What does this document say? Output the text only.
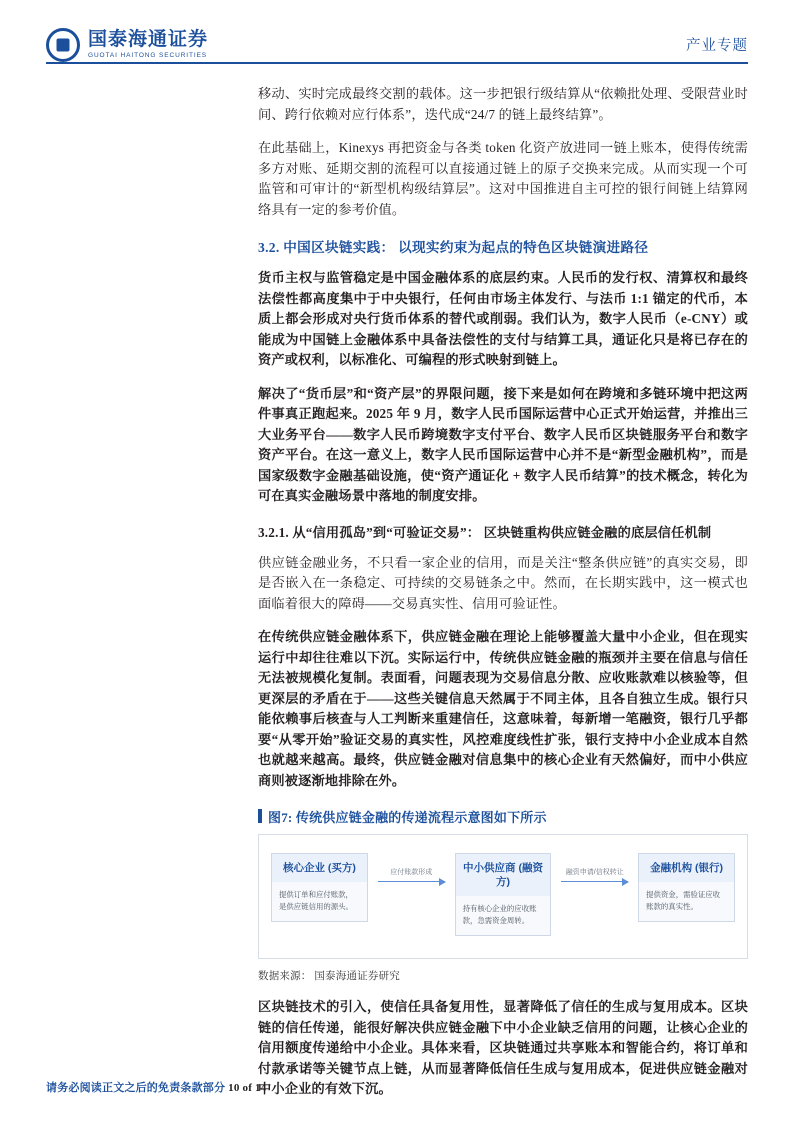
国泰海通证券
GUOTAI HAITONG SECURITIES
产业专题

移动、实时完成最终交割的载体。这一步把银行级结算从“依赖批处理、受限营业时间、跨行依赖对应行体系”，迭代成“24/7 的链上最终结算”。

在此基础上，Kinexys 再把资金与各类 token 化资产放进同一链上账本，使得传统需多方对账、延期交割的流程可以直接通过链上的原子交换来完成。从而实现一个可监管和可审计的“新型机构级结算层”。这对中国推进自主可控的银行间链上结算网络具有一定的参考价值。

3.2. 中国区块链实践： 以现实约束为起点的特色区块链演进路径

货币主权与监管稳定是中国金融体系的底层约束。人民币的发行权、清算权和最终法偿性都高度集中于中央银行，任何由市场主体发行、与法币 1:1 锚定的代币，本质上都会形成对央行货币体系的替代或削弱。我们认为，数字人民币（e-CNY）或能成为中国链上金融体系中具备法偿性的支付与结算工具，通证化只是将已存在的资产或权利，以标准化、可编程的形式映射到链上。

解决了“货币层”和“资产层”的界限问题，接下来是如何在跨境和多链环境中把这两件事真正跑起来。2025 年 9 月，数字人民币国际运营中心正式开始运营，并推出三大业务平台——数字人民币跨境数字支付平台、数字人民币区块链服务平台和数字资产平台。在这一意义上，数字人民币国际运营中心并不是“新型金融机构”，而是国家级数字金融基础设施，使“资产通证化 + 数字人民币结算”的技术概念，转化为可在真实金融场景中落地的制度安排。

3.2.1. 从“信用孤岛”到“可验证交易”： 区块链重构供应链金融的底层信任机制

供应链金融业务，不只看一家企业的信用，而是关注“整条供应链”的真实交易，即是否嵌入在一条稳定、可持续的交易链条之中。然而，在长期实践中，这一模式也面临着很大的障碍——交易真实性、信用可验证性。

在传统供应链金融体系下，供应链金融在理论上能够覆盖大量中小企业，但在现实运行中却往往难以下沉。实际运行中，传统供应链金融的瓶颈并主要在信息与信任无法被规模化复制。表面看，问题表现为交易信息分散、应收账款难以核验等，但更深层的矛盾在于——这些关键信息天然属于不同主体，且各自独立生成。银行只能依赖事后核查与人工判断来重建信任，这意味着，每新增一笔融资，银行几乎都要“从零开始”验证交易的真实性，风控难度线性扩张，银行支持中小企业成本自然也就越来越高。最终，供应链金融对信息集中的核心企业有天然偏好，而中小供应商则被逐渐地排除在外。

图7: 传统供应链金融的传递流程示意图如下所示
核心企业 (买方)
提供订单和应付账款，是供应链信用的源头。
应付账款形成	中小供应商 (融资方)
持有核心企业的应收账款，急需资金周转。
融资申请/信权转让	金融机构 (银行)
提供资金，需验证应收账款的真实性。
数据来源： 国泰海通证券研究

区块链技术的引入，使信任具备复用性，显著降低了信任的生成与复用成本。区块链的信任传递，能很好解决供应链金融下中小企业缺乏信用的问题，让核心企业的信用额度传递给中小企业。具体来看，区块链通过共享账本和智能合约，将订单和付款承诺等关键节点上链，从而显著降低信任生成与复用成本，促进供应链金融对中小企业的有效下沉。

请务必阅读正文之后的免责条款部分 10 of 14
